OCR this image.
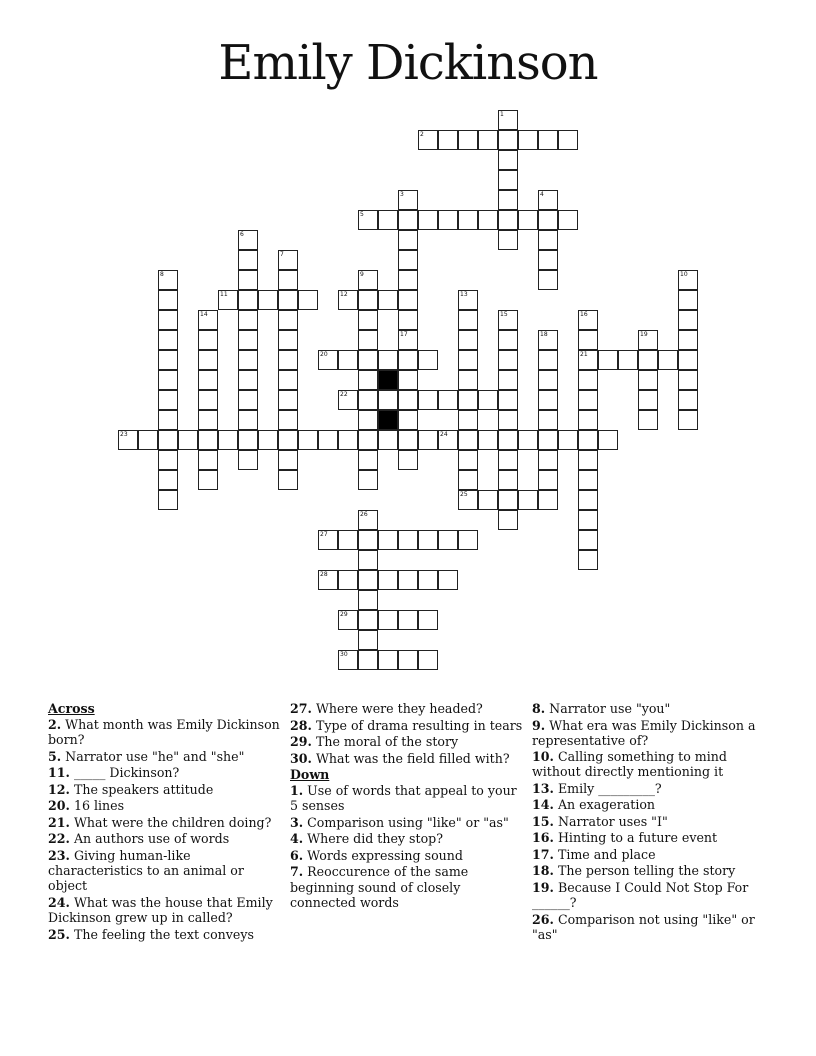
Emily Dickinson
1
2
3
17
4
5
6
7
8	9	10
11	12	13
14	15	16
21
18	19
20
22
23	24
25
26
27
28
29
30
Across
2. What month was Emily Dickinson born?
5. Narrator use "he" and "she"
11. _____ Dickinson?
12. The speakers attitude
20. 16 lines
21. What were the children doing?
22. An authors use of words
23. Giving human-like characteristics to an animal or object
24. What was the house that Emily Dickinson grew up in called?
25. The feeling the text conveys
27. Where were they headed?
28. Type of drama resulting in tears
29. The moral of the story
30. What was the field filled with?
Down
1. Use of words that appeal to your 5 senses
3. Comparison using "like" or "as"
4. Where did they stop?
6. Words expressing sound
7. Reoccurence of the same beginning sound of closely connected words
8. Narrator use "you"
9. What era was Emily Dickinson a representative of?
10. Calling something to mind without directly mentioning it
13. Emily _________?
14. An exageration
15. Narrator uses "I"
16. Hinting to a future event
17. Time and place
18. The person telling the story
19. Because I Could Not Stop For ______?
26. Comparison not using "like" or "as"
